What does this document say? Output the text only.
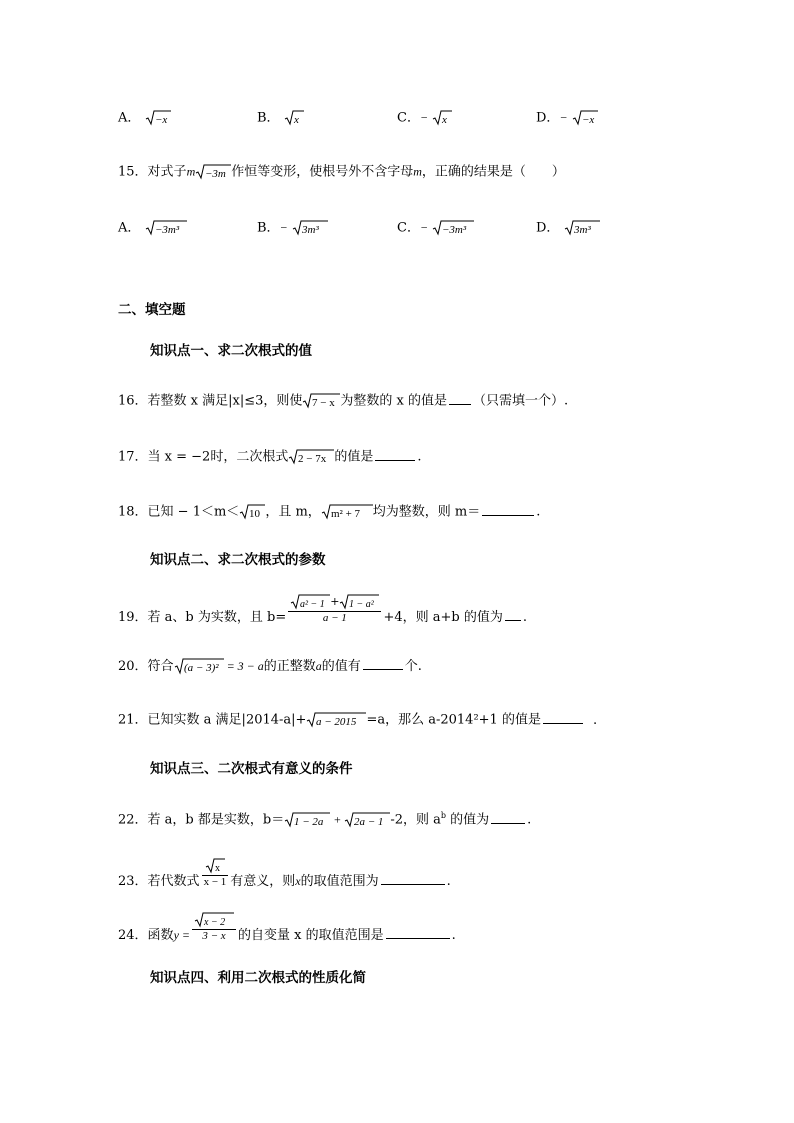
A． −x	B． x	C．− x	D．− −x
15．对式子m −3m 作恒等变形，使根号外不含字母m，正确的结果是（　　）
A． −3m³	B．− 3m³	C．− −3m³	D． 3m³
二、填空题
知识点一、求二次根式的值
16．若整数 x 满足|x|≤3，则使 7 − x 为整数的 x 的值是 （只需填一个）.
17．当 x = −2时，二次根式 2 − 7x 的值是	.
18．已知 − 1＜m＜ 10 ，且 m， m² + 7 均为整数，则 m＝	.
知识点二、求二次根式的参数
19．若 a、b 为实数，且 $b= \frac{\text{a² − 1 + 1 − a²}}{a - 1} +4$，则 a+b 的值为 .
20．符合 (a − 3)² = 3 − a的正整数a的值有	个.
21．已知实数 a 满足|2014-a|+ a − 2015 =a，那么 a-2014²+1 的值是	.
知识点三、二次根式有意义的条件
22．若 a，b 都是实数，b＝ 1 − 2a + 2a − 1 -2，则 $a^b$ 的值为	.
23．若代数式 $\frac{x}{x - 1}$ 有意义，则x的取值范围为	.
24．函数$y = \frac{x - 2}{3 - x}$ 的自变量 x 的取值范围是	.
知识点四、利用二次根式的性质化简
